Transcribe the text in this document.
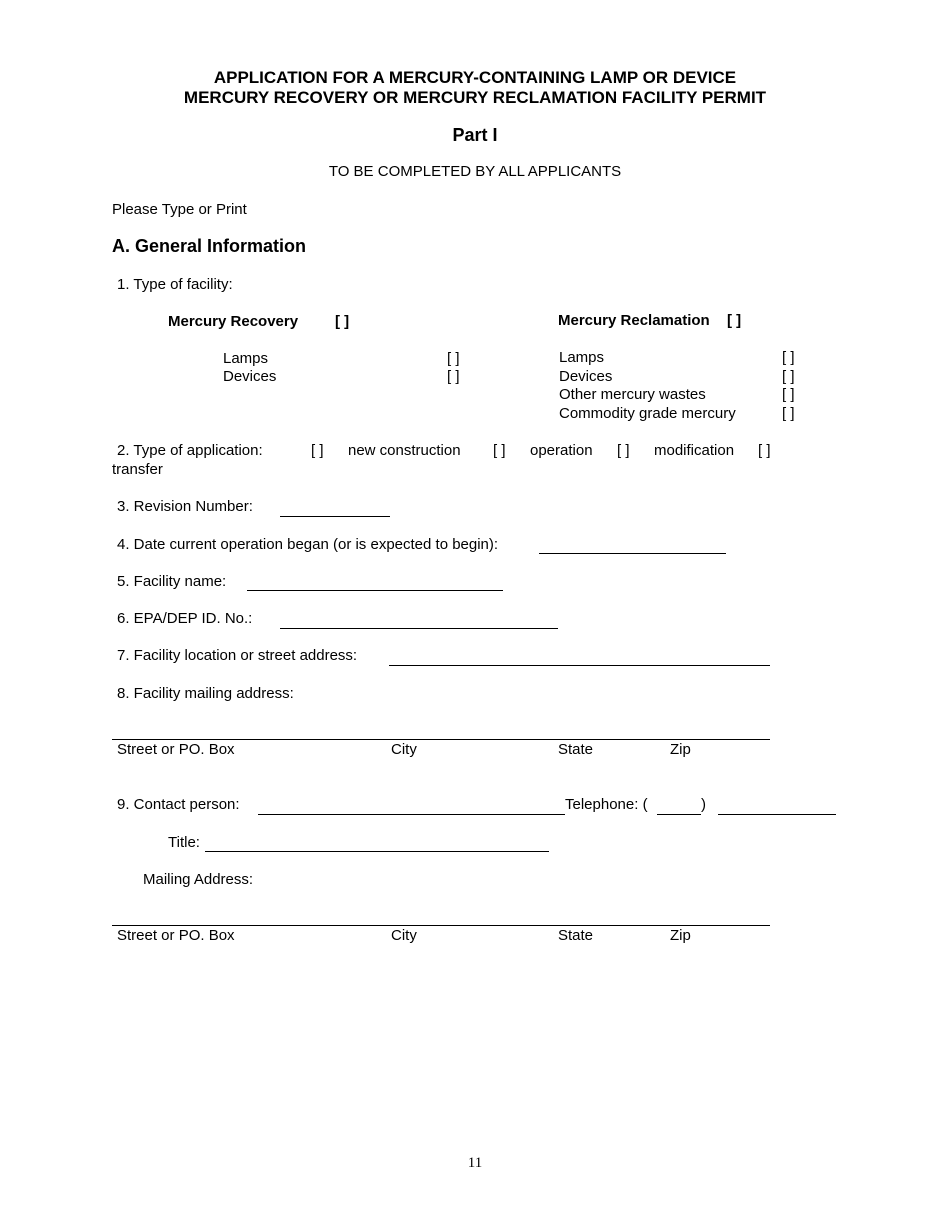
APPLICATION FOR A MERCURY-CONTAINING LAMP OR DEVICE
MERCURY RECOVERY OR MERCURY RECLAMATION FACILITY PERMIT
Part I
TO BE COMPLETED BY ALL APPLICANTS
Please Type or Print
A. General Information
1. Type of facility:
Mercury Recovery [ ]	Mercury Reclamation [ ]
Lamps	[ ]
Devices	[ ]
Lamps	[ ]
Devices	[ ]
Other mercury wastes	[ ]
Commodity grade mercury	[ ]
2. Type of application:	[ ] new construction [ ] operation [ ] modification [ ]
transfer
3. Revision Number:
4. Date current operation began (or is expected to begin):
5. Facility name:
6. EPA/DEP ID. No.:
7. Facility location or street address:
8. Facility mailing address:
Street or PO. Box	City	State	Zip
9. Contact person:	Telephone: (	)
Title:
Mailing Address:
Street or PO. Box	City	State	Zip
11
